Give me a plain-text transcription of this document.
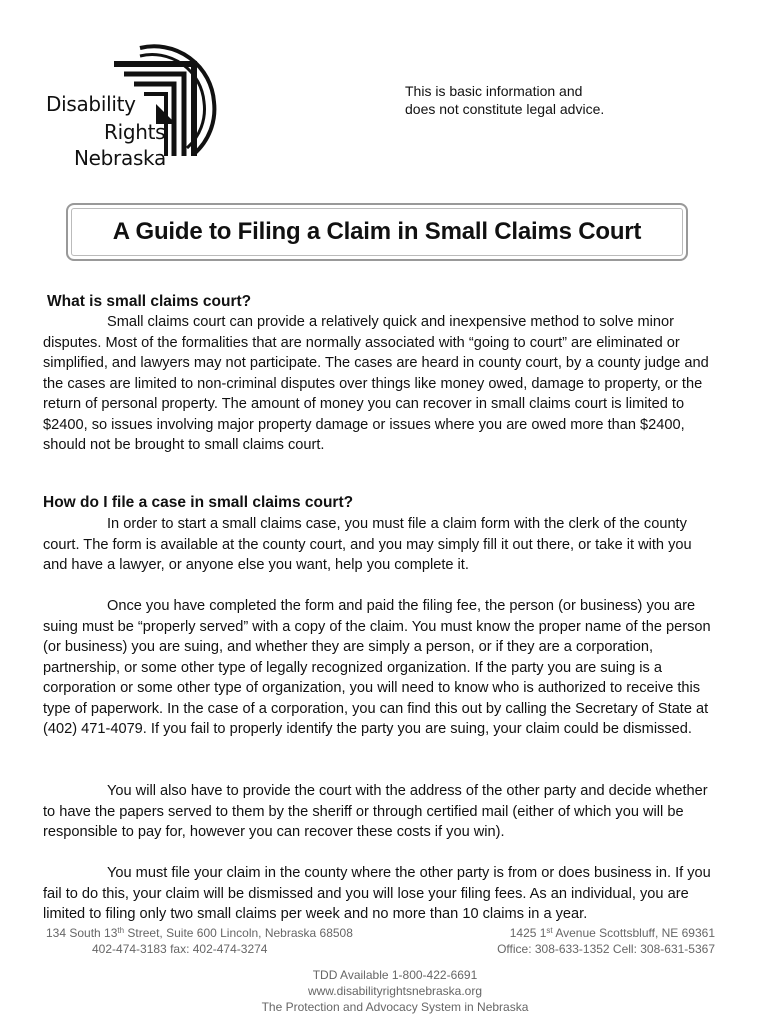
Disability
Rights
Nebraska
This is basic information and
does not constitute legal advice.
A Guide to Filing a Claim in Small Claims Court
What is small claims court?

Small claims court can provide a relatively quick and inexpensive method to solve minor disputes. Most of the formalities that are normally associated with “going to court” are eliminated or simplified, and lawyers may not participate. The cases are heard in county court, by a county judge and the cases are limited to non-criminal disputes over things like money owed, damage to property, or the return of personal property. The amount of money you can recover in small claims court is limited to $2400, so issues involving major property damage or issues where you are owed more than $2400, should not be brought to small claims court.

How do I file a case in small claims court?

In order to start a small claims case, you must file a claim form with the clerk of the county court. The form is available at the county court, and you may simply fill it out there, or take it with you and have a lawyer, or anyone else you want, help you complete it.

Once you have completed the form and paid the filing fee, the person (or business) you are suing must be “properly served” with a copy of the claim. You must know the proper name of the person (or business) you are suing, and whether they are simply a person, or if they are a corporation, partnership, or some other type of legally recognized organization. If the party you are suing is a corporation or some other type of organization, you will need to know who is authorized to receive this type of paperwork. In the case of a corporation, you can find this out by calling the Secretary of State at (402) 471-4079. If you fail to properly identify the party you are suing, your claim could be dismissed.

You will also have to provide the court with the address of the other party and decide whether to have the papers served to them by the sheriff or through certified mail (either of which you will be responsible to pay for, however you can recover these costs if you win).

You must file your claim in the county where the other party is from or does business in. If you fail to do this, your claim will be dismissed and you will lose your filing fees. As an individual, you are limited to filing only two small claims per week and no more than 10 claims in a year.

134 South 13th Street, Suite 600 Lincoln, Nebraska 68508
402-474-3183 fax: 402-474-3274
1425 1st Avenue Scottsbluff, NE 69361
Office: 308-633-1352 Cell: 308-631-5367
TDD Available 1-800-422-6691
www.disabilityrightsnebraska.org
The Protection and Advocacy System in Nebraska
